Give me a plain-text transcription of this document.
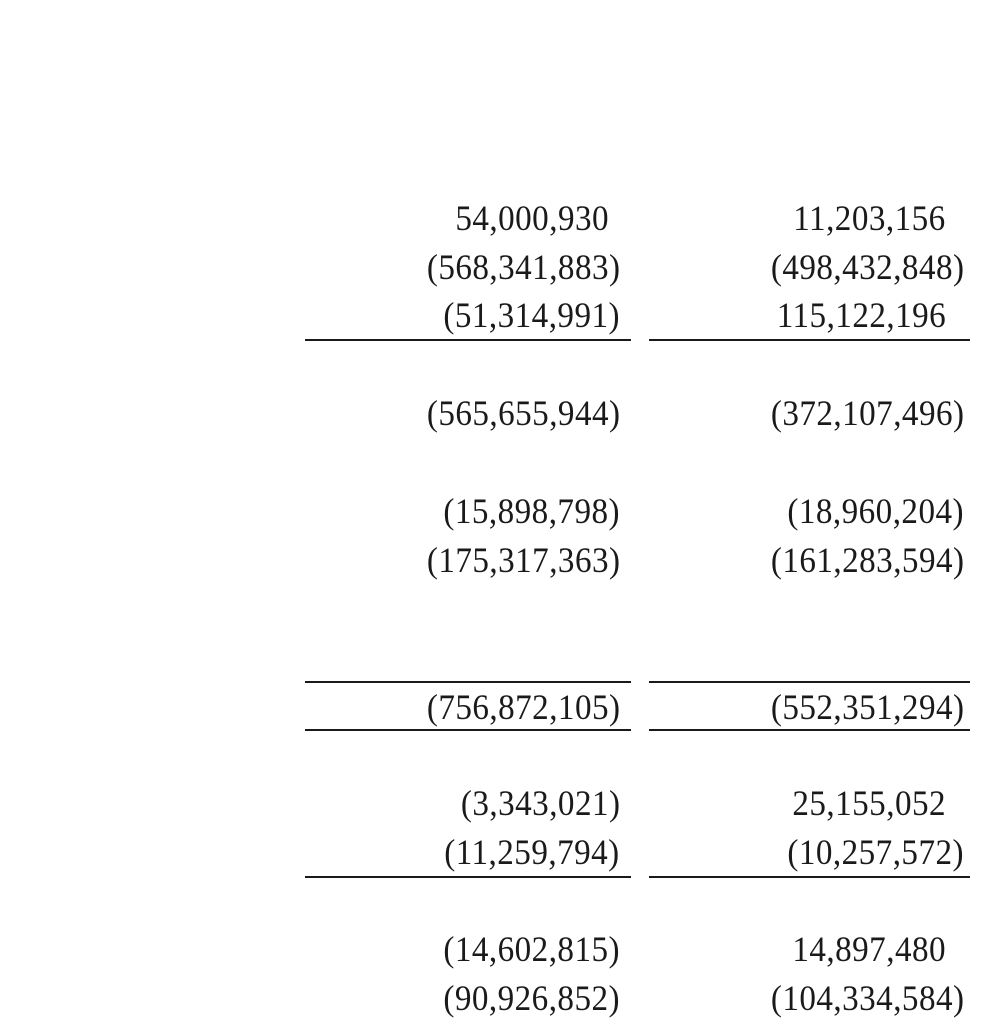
54,000,930	11,203,156
(568,341,883)	(498,432,848)
(51,314,991)	115,122,196
(565,655,944)	(372,107,496)
(15,898,798)	(18,960,204)
(175,317,363)	(161,283,594)
(756,872,105)	(552,351,294)
(3,343,021)	25,155,052
(11,259,794)	(10,257,572)
(14,602,815)	14,897,480
(90,926,852)	(104,334,584)
